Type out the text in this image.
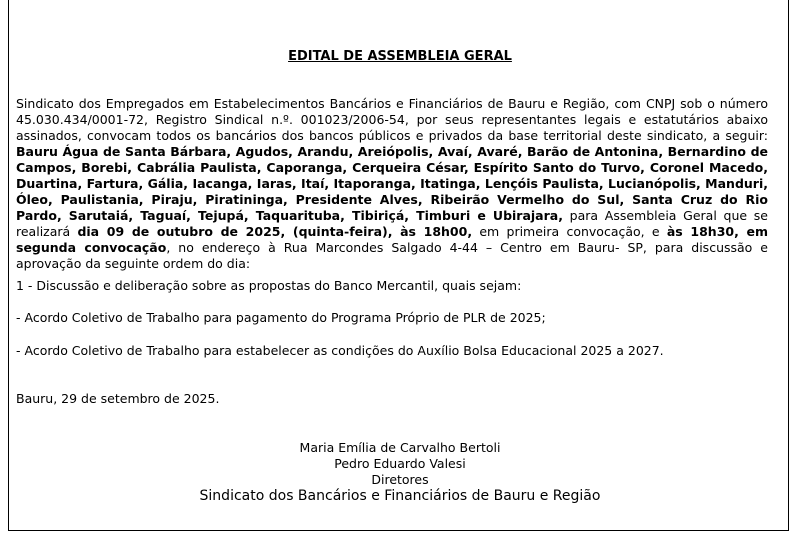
EDITAL DE ASSEMBLEIA GERAL

Sindicato dos Empregados em Estabelecimentos Bancários e Financiários de Bauru e Região, com CNPJ sob o número 45.030.434/0001-72, Registro Sindical n.º. 001023/2006-54, por seus representantes legais e estatutários abaixo assinados, convocam todos os bancários dos bancos públicos e privados da base territorial deste sindicato, a seguir: Bauru Água de Santa Bárbara, Agudos, Arandu, Areiópolis, Avaí, Avaré, Barão de Antonina, Bernardino de Campos, Borebi, Cabrália Paulista, Caporanga, Cerqueira César, Espírito Santo do Turvo, Coronel Macedo, Duartina, Fartura, Gália, Iacanga, Iaras, Itaí, Itaporanga, Itatinga, Lençóis Paulista, Lucianópolis, Manduri, Óleo, Paulistania, Piraju, Piratininga, Presidente Alves, Ribeirão Vermelho do Sul, Santa Cruz do Rio Pardo, Sarutaiá, Taguaí, Tejupá, Taquarituba, Tibiriçá, Timburi e Ubirajara, para Assembleia Geral que se realizará dia 09 de outubro de 2025, (quinta-feira), às 18h00, em primeira convocação, e às 18h30, em segunda convocação, no endereço à Rua Marcondes Salgado 4-44 – Centro em Bauru- SP, para discussão e aprovação da seguinte ordem do dia:

1 - Discussão e deliberação sobre as propostas do Banco Mercantil, quais sejam:
- Acordo Coletivo de Trabalho para pagamento do Programa Próprio de PLR de 2025;
- Acordo Coletivo de Trabalho para estabelecer as condições do Auxílio Bolsa Educacional 2025 a 2027.
Bauru, 29 de setembro de 2025.
Maria Emília de Carvalho Bertoli
Pedro Eduardo Valesi
Diretores
Sindicato dos Bancários e Financiários de Bauru e Região
